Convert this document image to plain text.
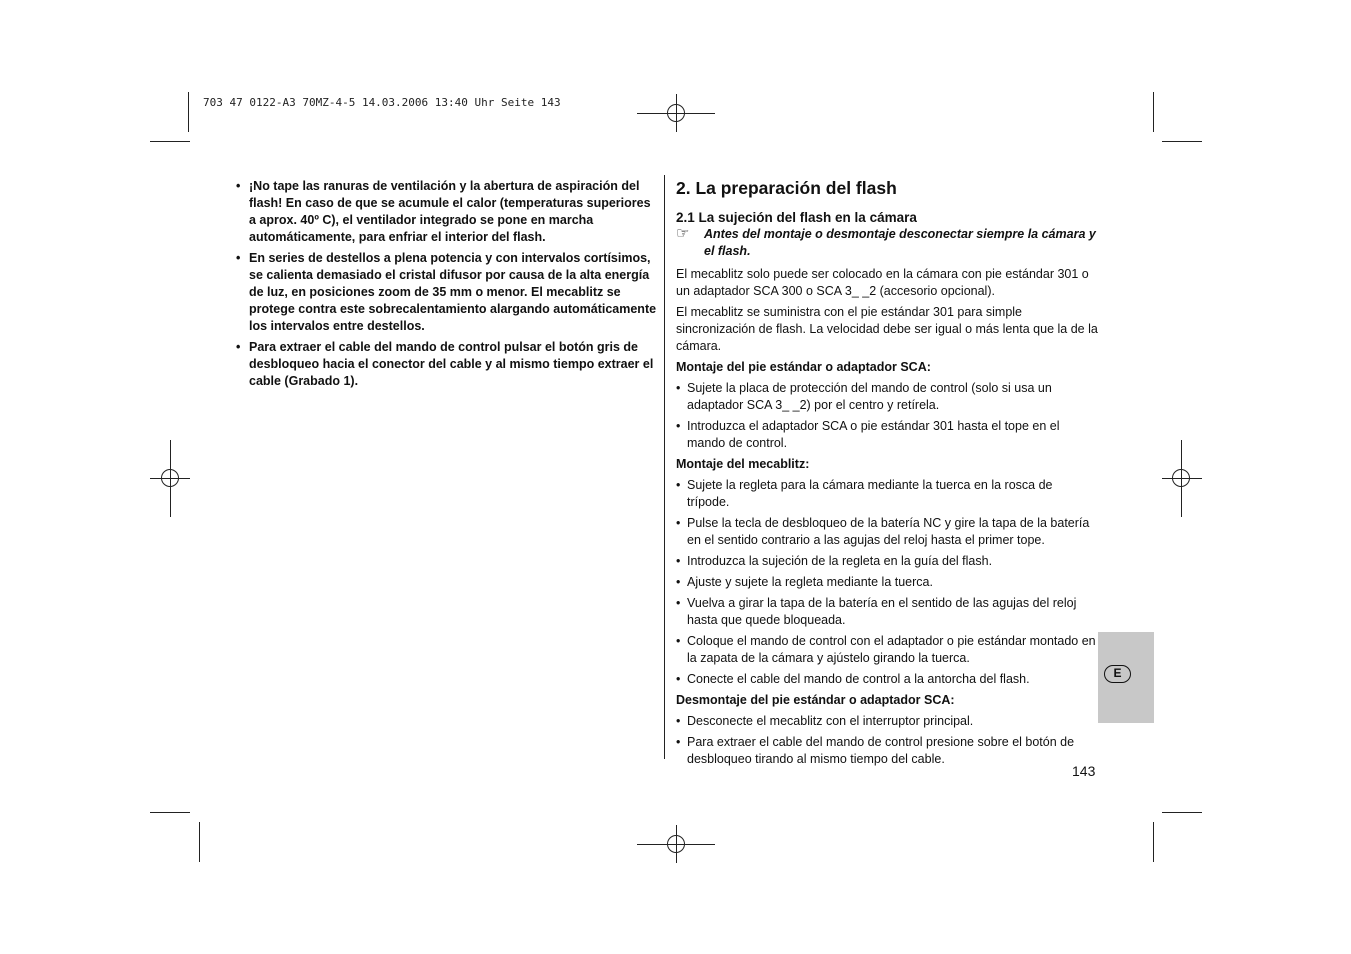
703 47 0122-A3 70MZ-4-5 14.03.2006 13:40 Uhr Seite 143
• ¡No tape las ranuras de ventilación y la abertura de aspiración del flash! En caso de que se acumule el calor (temperaturas superiores a aprox. 40º C), el ventilador integrado se pone en marcha automáticamente, para enfriar el interior del flash.
• En series de destellos a plena potencia y con intervalos cortísimos, se calienta demasiado el cristal difusor por causa de la alta energía de luz, en posiciones zoom de 35 mm o menor. El mecablitz se protege contra este sobrecalentamiento alargando automáticamente los intervalos entre destellos.
• Para extraer el cable del mando de control pulsar el botón gris de desbloqueo hacia el conector del cable y al mismo tiempo extraer el cable (Grabado 1).
2. La preparación del flash
2.1 La sujeción del flash en la cámara
☞ Antes del montaje o desmontaje desconectar siempre la cámara y el flash.

El mecablitz solo puede ser colocado en la cámara con pie estándar 301 o un adaptador SCA 300 o SCA 3_ _2 (accesorio opcional).

El mecablitz se suministra con el pie estándar 301 para simple sincronización de flash. La velocidad debe ser igual o más lenta que la de la cámara.

Montaje del pie estándar o adaptador SCA:

• Sujete la placa de protección del mando de control (solo si usa un adaptador SCA 3_ _2) por el centro y retírela.
• Introduzca el adaptador SCA o pie estándar 301 hasta el tope en el mando de control.

Montaje del mecablitz:

• Sujete la regleta para la cámara mediante la tuerca en la rosca de trípode.
• Pulse la tecla de desbloqueo de la batería NC y gire la tapa de la batería en el sentido contrario a las agujas del reloj hasta el primer tope.
• Introduzca la sujeción de la regleta en la guía del flash.
• Ajuste y sujete la regleta mediante la tuerca.
• Vuelva a girar la tapa de la batería en el sentido de las agujas del reloj hasta que quede bloqueada.
• Coloque el mando de control con el adaptador o pie estándar montado en la zapata de la cámara y ajústelo girando la tuerca.
• Conecte el cable del mando de control a la antorcha del flash.

Desmontaje del pie estándar o adaptador SCA:

• Desconecte el mecablitz con el interruptor principal.
• Para extraer el cable del mando de control presione sobre el botón de desbloqueo tirando al mismo tiempo del cable.
E
143
